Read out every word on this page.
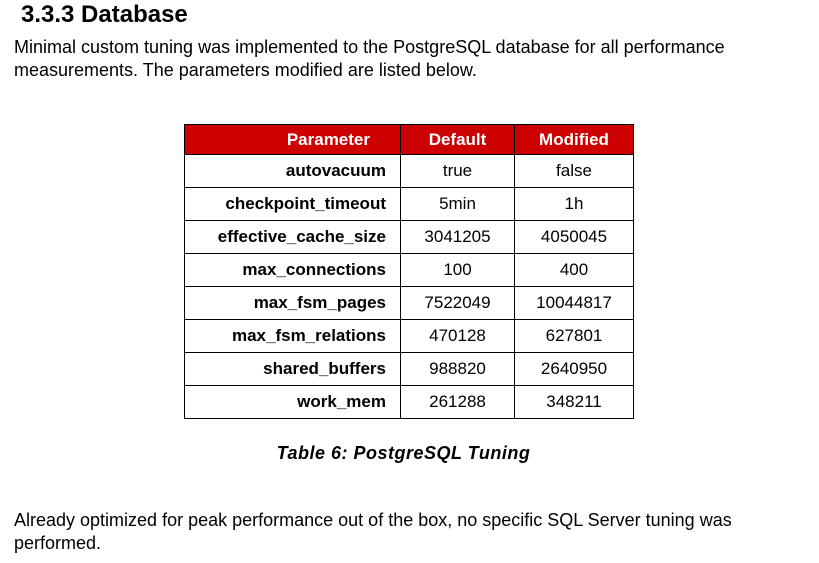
3.3.3 Database

Minimal custom tuning was implemented to the PostgreSQL database for all performance measurements. The parameters modified are listed below.

Parameter	Default	Modified
autovacuum	true	false
checkpoint_timeout	5min	1h
effective_cache_size	3041205	4050045
max_connections	100	400
max_fsm_pages	7522049	10044817
max_fsm_relations	470128	627801
shared_buffers	988820	2640950
work_mem	261288	348211

Table 6: PostgreSQL Tuning

Already optimized for peak performance out of the box, no specific SQL Server tuning was performed.
